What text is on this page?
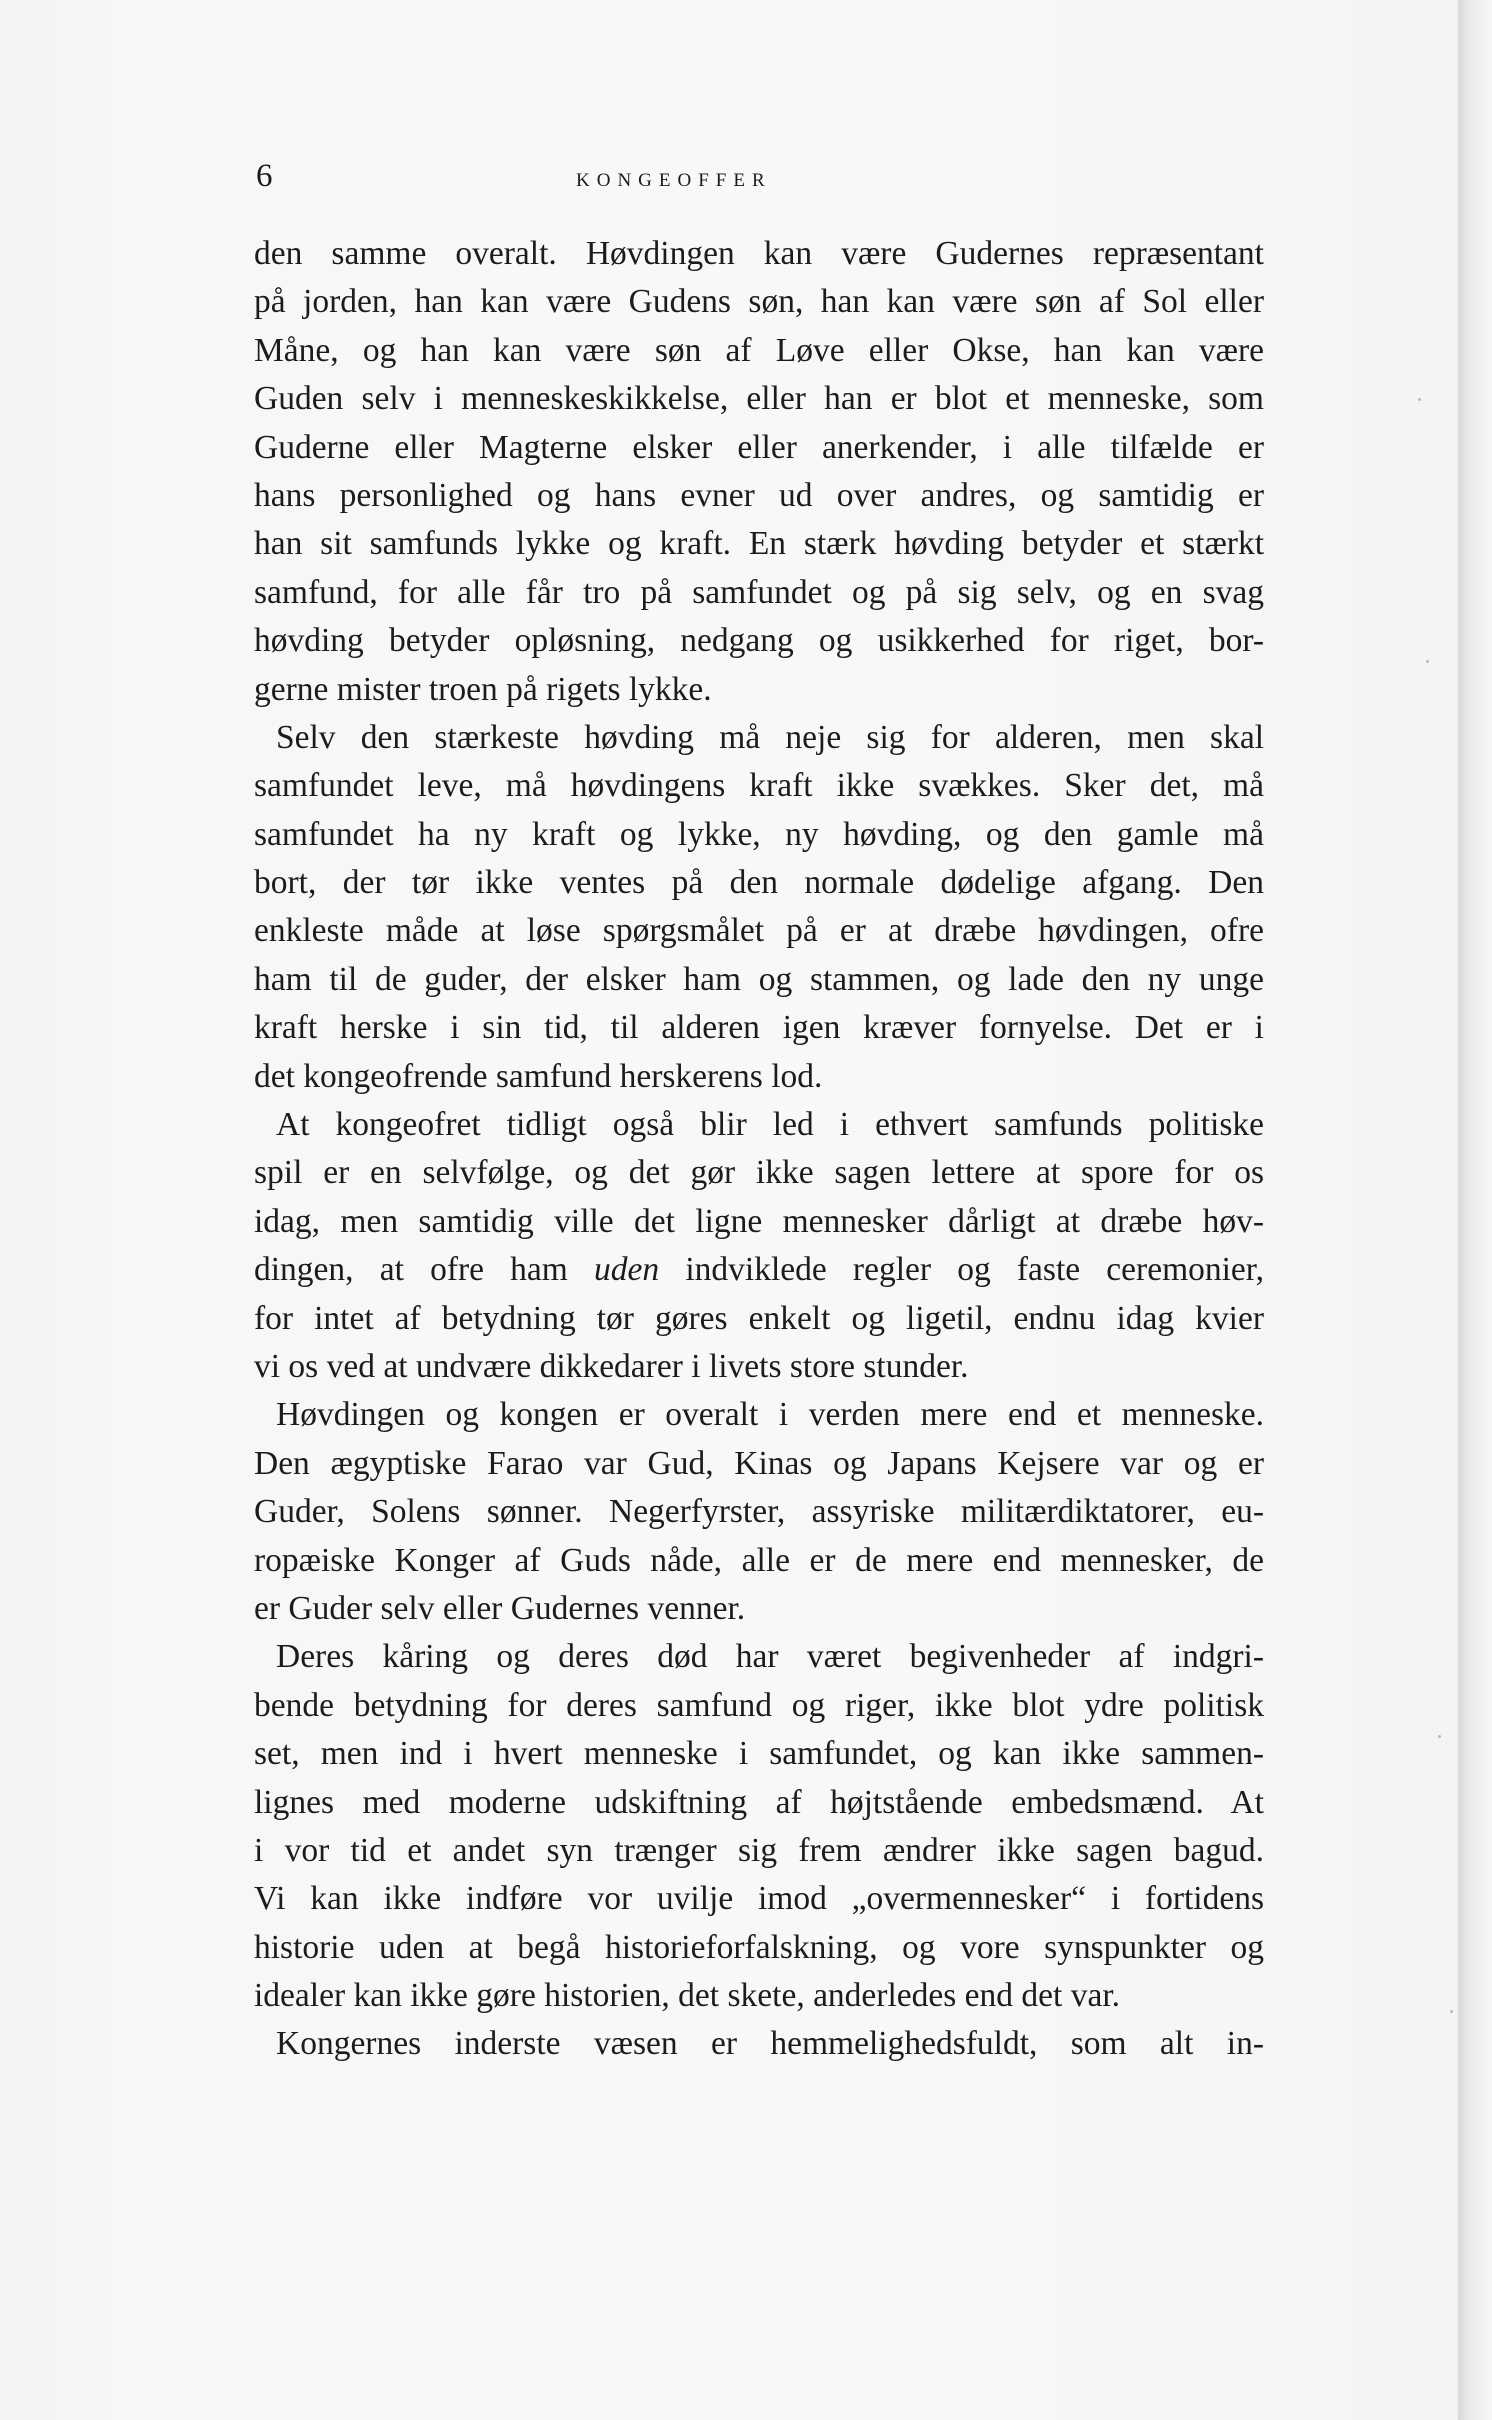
6	KONGEOFFER
den samme overalt. Høvdingen kan være Gudernes repræsentant
på jorden, han kan være Gudens søn, han kan være søn af Sol eller
Måne, og han kan være søn af Løve eller Okse, han kan være
Guden selv i menneskeskikkelse, eller han er blot et menneske, som
Guderne eller Magterne elsker eller anerkender, i alle tilfælde er
hans personlighed og hans evner ud over andres, og samtidig er
han sit samfunds lykke og kraft. En stærk høvding betyder et stærkt
samfund, for alle får tro på samfundet og på sig selv, og en svag
høvding betyder opløsning, nedgang og usikkerhed for riget, bor-
gerne mister troen på rigets lykke.
Selv den stærkeste høvding må neje sig for alderen, men skal
samfundet leve, må høvdingens kraft ikke svækkes. Sker det, må
samfundet ha ny kraft og lykke, ny høvding, og den gamle må
bort, der tør ikke ventes på den normale dødelige afgang. Den
enkleste måde at løse spørgsmålet på er at dræbe høvdingen, ofre
ham til de guder, der elsker ham og stammen, og lade den ny unge
kraft herske i sin tid, til alderen igen kræver fornyelse. Det er i
det kongeofrende samfund herskerens lod.
At kongeofret tidligt også blir led i ethvert samfunds politiske
spil er en selvfølge, og det gør ikke sagen lettere at spore for os
idag, men samtidig ville det ligne mennesker dårligt at dræbe høv-
dingen, at ofre ham uden indviklede regler og faste ceremonier,
for intet af betydning tør gøres enkelt og ligetil, endnu idag kvier
vi os ved at undvære dikkedarer i livets store stunder.
Høvdingen og kongen er overalt i verden mere end et menneske.
Den ægyptiske Farao var Gud, Kinas og Japans Kejsere var og er
Guder, Solens sønner. Negerfyrster, assyriske militærdiktatorer, eu-
ropæiske Konger af Guds nåde, alle er de mere end mennesker, de
er Guder selv eller Gudernes venner.
Deres kåring og deres død har været begivenheder af indgri-
bende betydning for deres samfund og riger, ikke blot ydre politisk
set, men ind i hvert menneske i samfundet, og kan ikke sammen-
lignes med moderne udskiftning af højtstående embedsmænd. At
i vor tid et andet syn trænger sig frem ændrer ikke sagen bagud.
Vi kan ikke indføre vor uvilje imod „overmennesker“ i fortidens
historie uden at begå historieforfalskning, og vore synspunkter og
idealer kan ikke gøre historien, det skete, anderledes end det var.
Kongernes inderste væsen er hemmelighedsfuldt, som alt in-
